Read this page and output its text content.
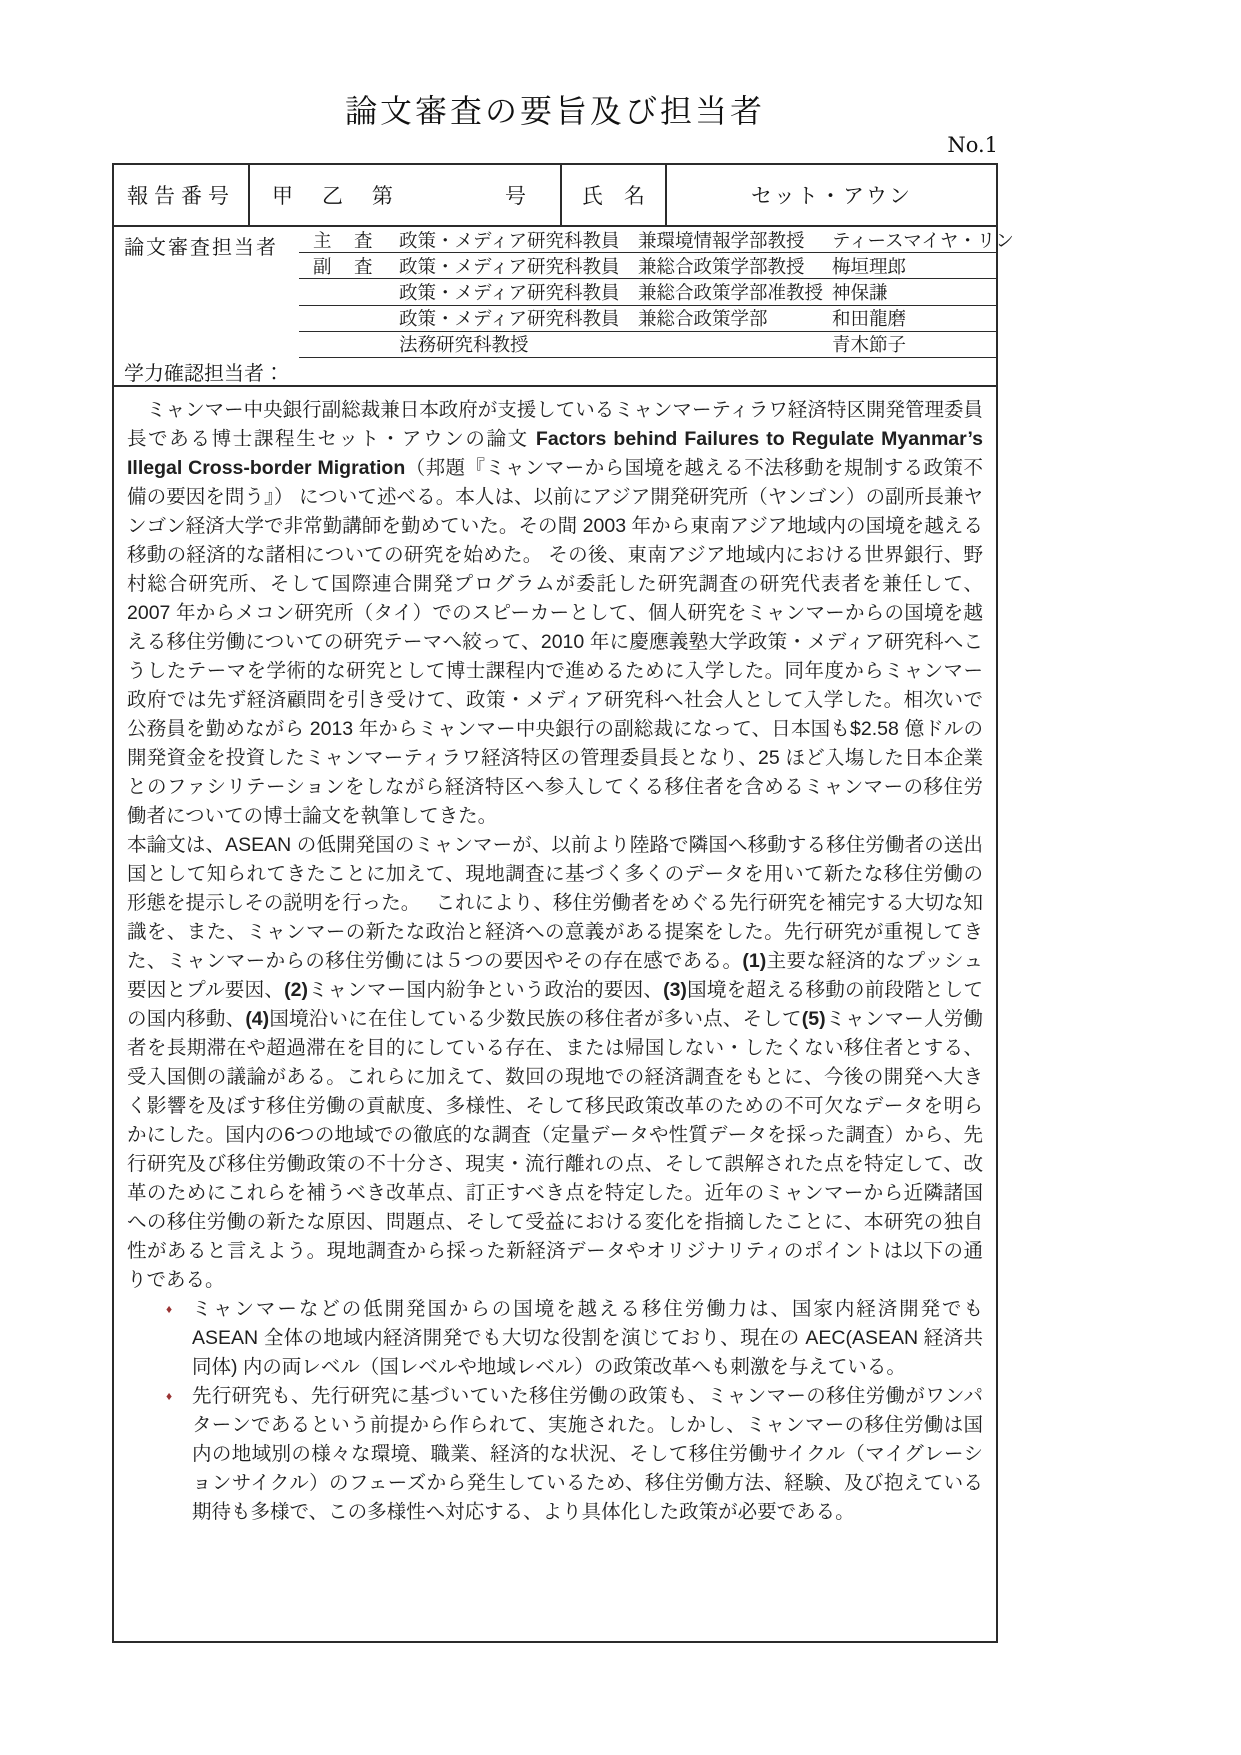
論文審査の要旨及び担当者
No.1
報告番号	甲　乙　第	号	氏　名	セット・アウン
論文審査担当者	主　査	政策・メディア研究科教員　兼環境情報学部教授	ティースマイヤ・リン
副　査	政策・メディア研究科教員　兼総合政策学部教授	梅垣理郎
政策・メディア研究科教員　兼総合政策学部准教授 神保謙
政策・メディア研究科教員　兼総合政策学部	和田龍磨
法務研究科教授	青木節子
学力確認担当者：

　ミャンマー中央銀行副総裁兼日本政府が支援しているミャンマーティラワ経済特区開発管理委員長である博士課程生セット・アウンの論文 Factors behind Failures to Regulate Myanmar’s Illegal Cross-border Migration（邦題『ミャンマーから国境を越える不法移動を規制する政策不備の要因を問う』） について述べる。本人は、以前にアジア開発研究所（ヤンゴン）の副所長兼ヤンゴン経済大学で非常勤講師を勤めていた。その間 2003 年から東南アジア地域内の国境を越える移動の経済的な諸相についての研究を始めた。 その後、東南アジア地域内における世界銀行、野村総合研究所、そして国際連合開発プログラムが委託した研究調査の研究代表者を兼任して、2007 年からメコン研究所（タイ）でのスピーカーとして、個人研究をミャンマーからの国境を越える移住労働についての研究テーマへ絞って、2010 年に慶應義塾大学政策・メディア研究科へこうしたテーマを学術的な研究として博士課程内で進めるために入学した。同年度からミャンマー政府では先ず経済顧問を引き受けて、政策・メディア研究科へ社会人として入学した。相次いで公務員を勤めながら 2013 年からミャンマー中央銀行の副総裁になって、日本国も$2.58 億ドルの開発資金を投資したミャンマーティラワ経済特区の管理委員長となり、25 ほど入塲した日本企業とのファシリテーションをしながら経済特区へ参入してくる移住者を含めるミャンマーの移住労働者についての博士論文を執筆してきた。

本論文は、ASEAN の低開発国のミャンマーが、以前より陸路で隣国へ移動する移住労働者の送出国として知られてきたことに加えて、現地調査に基づく多くのデータを用いて新たな移住労働の形態を提示しその説明を行った。　 これにより、移住労働者をめぐる先行研究を補完する大切な知識を、また、ミャンマーの新たな政治と経済への意義がある提案をした。先行研究が重視してきた、ミャンマーからの移住労働には５つの要因やその存在感である。(1)主要な経済的なプッシュ要因とプル要因、(2)ミャンマー国内紛争という政治的要因、(3)国境を超える移動の前段階としての国内移動、(4)国境沿いに在住している少数民族の移住者が多い点、そして(5)ミャンマー人労働者を長期滞在や超過滞在を目的にしている存在、または帰国しない・したくない移住者とする、受入国側の議論がある。これらに加えて、数回の現地での経済調査をもとに、今後の開発へ大きく影響を及ぼす移住労働の貢献度、多様性、そして移民政策改革のための不可欠なデータを明らかにした。国内の6つの地域での徹底的な調査（定量データや性質データを採った調査）から、先行研究及び移住労働政策の不十分さ、現実・流行離れの点、そして誤解された点を特定して、改革のためにこれらを補うべき改革点、訂正すべき点を特定した。近年のミャンマーから近隣諸国への移住労働の新たな原因、問題点、そして受益における変化を指摘したことに、本研究の独自性があると言えよう。現地調査から採った新経済データやオリジナリティのポイントは以下の通りである。

♦	ミャンマーなどの低開発国からの国境を越える移住労働力は、国家内経済開発でも ASEAN 全体の地域内経済開発でも大切な役割を演じており、現在の AEC(ASEAN 経済共同体) 内の両レベル（国レベルや地域レベル）の政策改革へも刺激を与えている。
♦	先行研究も、先行研究に基づいていた移住労働の政策も、ミャンマーの移住労働がワンパターンであるという前提から作られて、実施された。しかし、ミャンマーの移住労働は国内の地域別の様々な環境、職業、経済的な状況、そして移住労働サイクル（マイグレーションサイクル）のフェーズから発生しているため、移住労働方法、経験、及び抱えている期待も多様で、この多様性へ対応する、より具体化した政策が必要である。
